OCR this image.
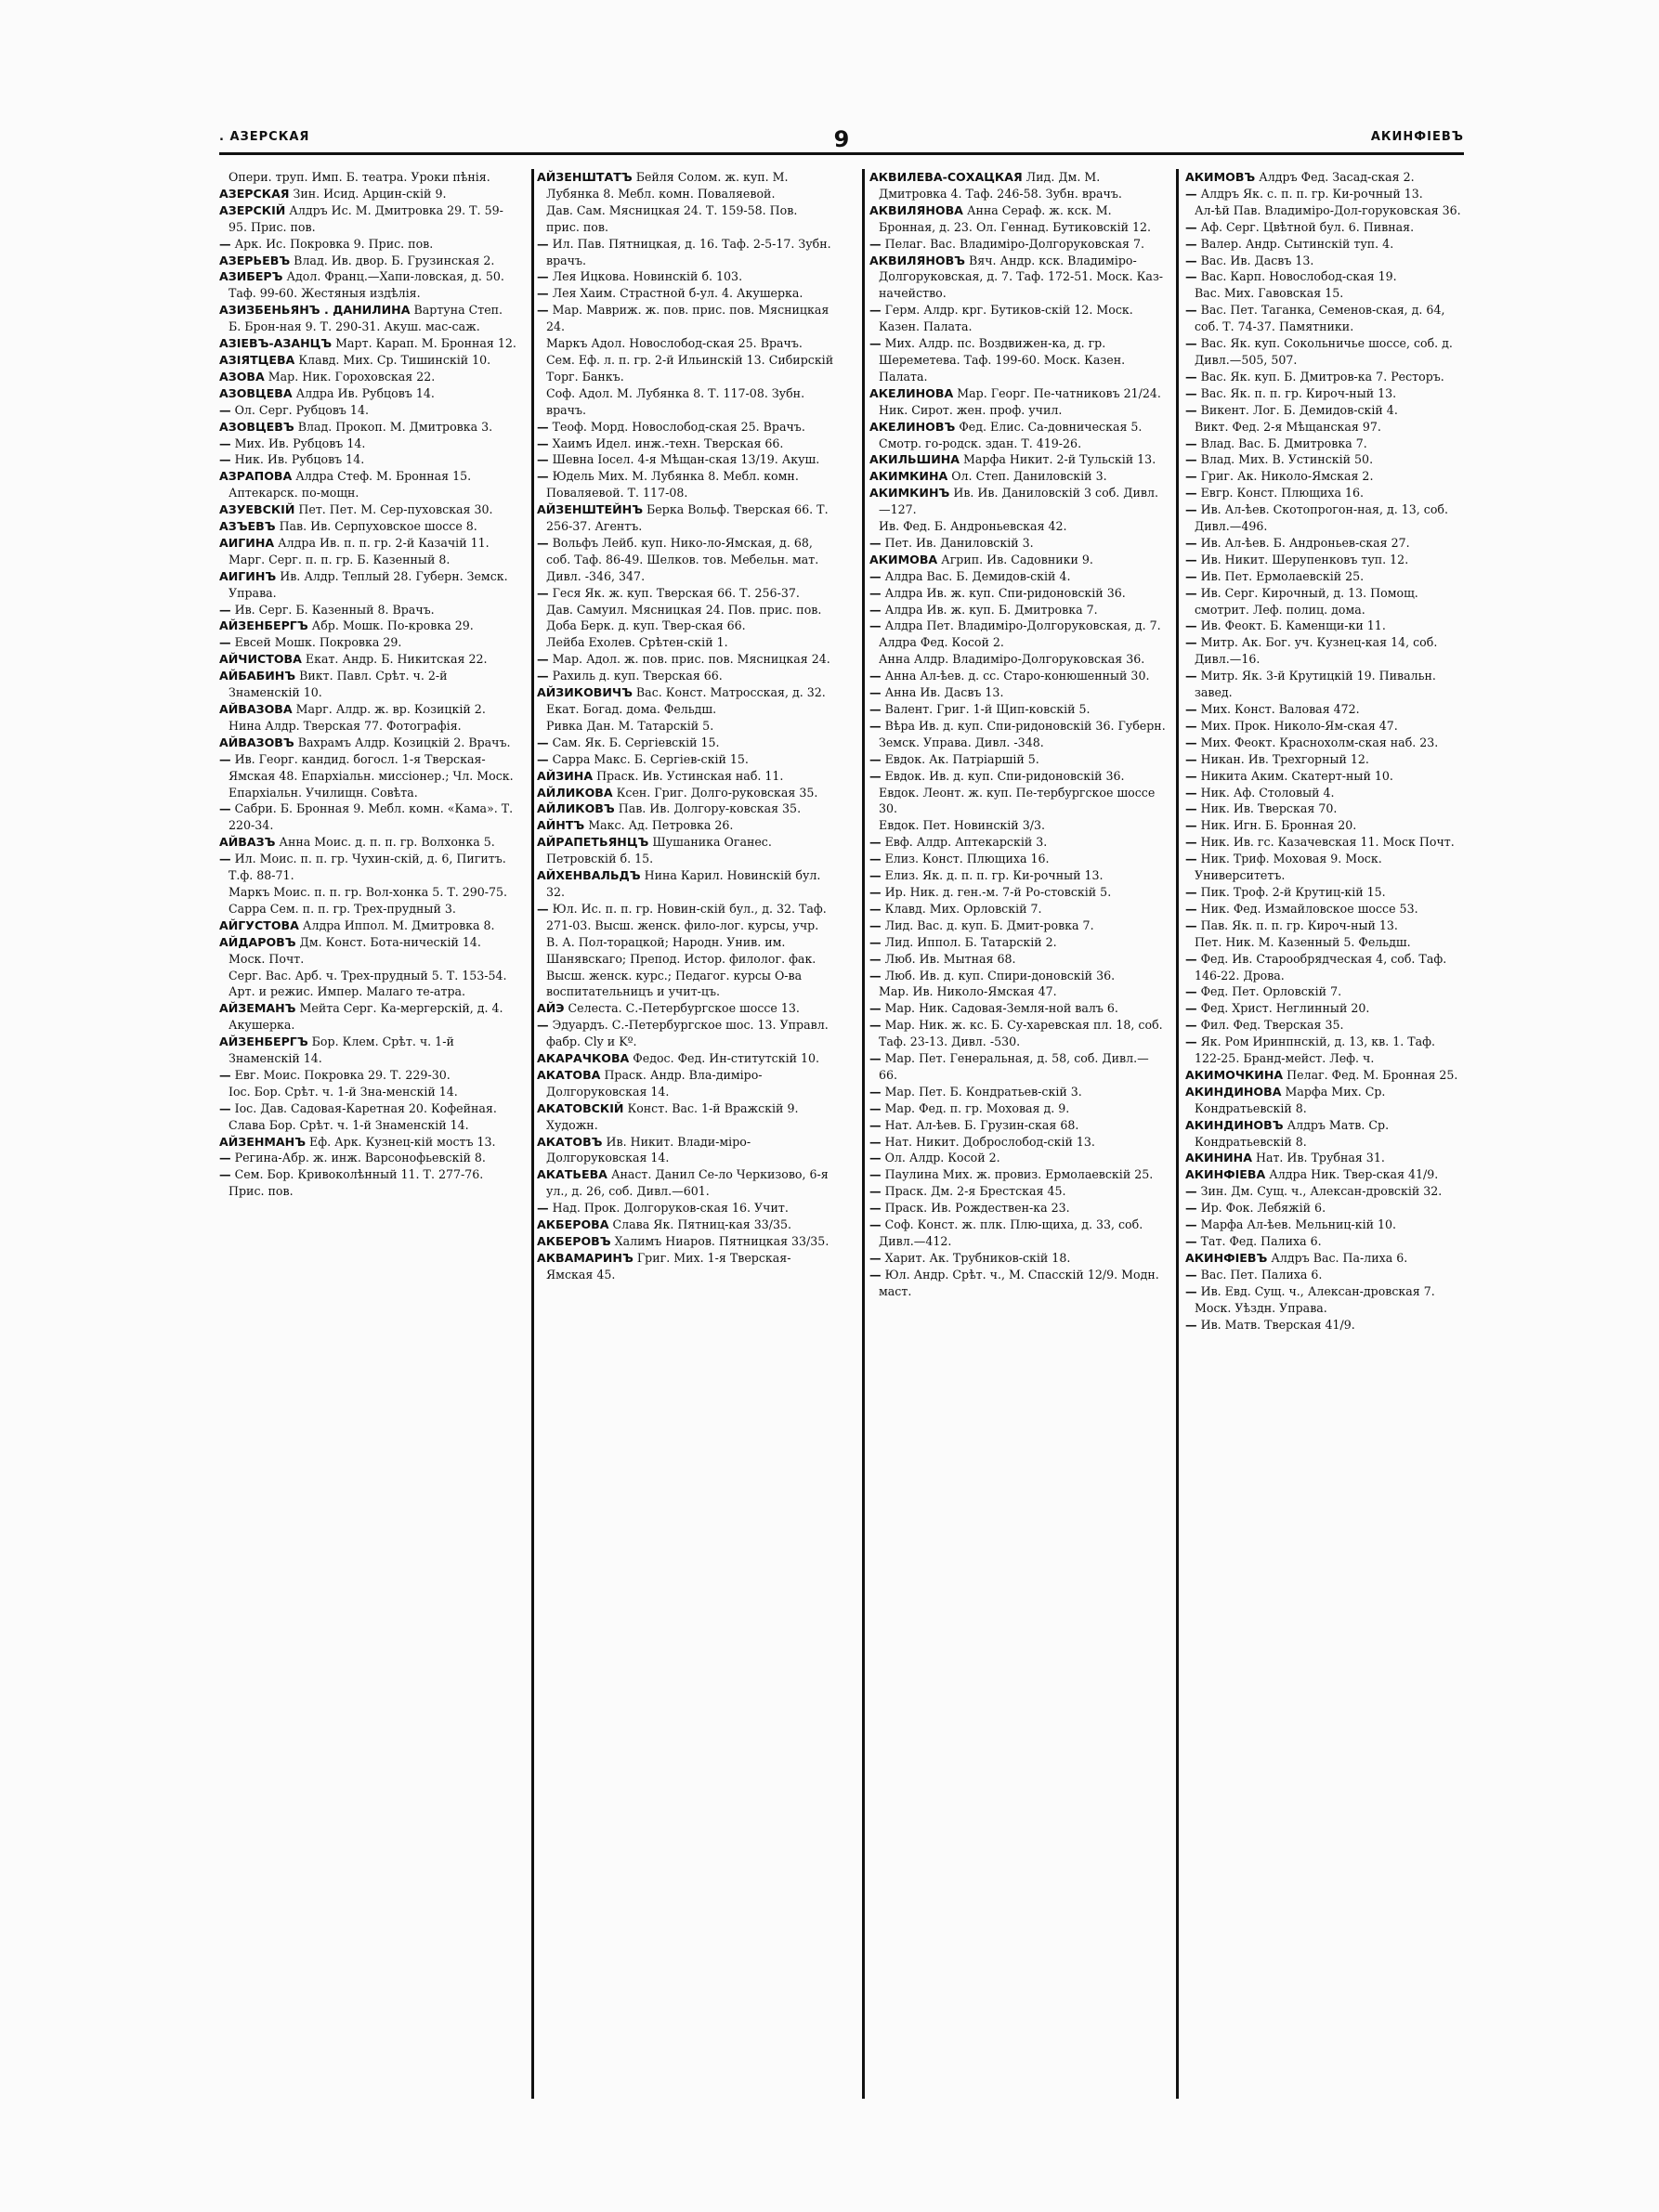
. АЗЕРСКАЯ	9	АКИНФIЕВЪ

Опери. труп. Имп. Б. театра. Уроки пѣнія.

АЗЕРСКАЯ Зин. Исид. Арцин-скiй 9.

АЗЕРСКIЙ Алдръ Ис. М. Дмитровка 29. Т. 59-95. Прис. пов.

— Арк. Ис. Покровка 9. Прис. пов.

АЗЕРЬЕВЪ Влад. Ив. двор. Б. Грузинская 2.

АЗИБЕРЪ Адол. Франц.—Хапи-ловская, д. 50. Таф. 99-60. Жестяныя издѣлія.

АЗИЗБЕНЬЯНЪ . ДАНИЛИНА Вартуна Степ. Б. Брон-ная 9. Т. 290-31. Акуш. мас-саж.

АЗIЕВЪ-АЗАНЦЪ Март. Карап. М. Бронная 12.

АЗIЯТЦЕВА Клавд. Мих. Ср. Тишинскiй 10.

АЗОВА Мар. Ник. Гороховская 22.

АЗОВЦЕВА Алдра Ив. Рубцовъ 14.

— Ол. Серг. Рубцовъ 14.

АЗОВЦЕВЪ Влад. Прокоп. М. Дмитровка 3.

— Мих. Ив. Рубцовъ 14.

— Ник. Ив. Рубцовъ 14.

АЗРАПОВА Алдра Стеф. М. Бронная 15. Аптекарск. по-мощн.

АЗУЕВСКIЙ Пет. Пет. М. Сер-пуховская 30.

АЗЪЕВЪ Пав. Ив. Серпуховское шоссе 8.

АИГИНА Алдра Ив. п. п. гр. 2-й Казачiй 11.

Марг. Серг. п. п. гр. Б. Казенный 8.

АИГИНЪ Ив. Алдр. Теплый 28. Губерн. Земск. Управа.

— Ив. Серг. Б. Казенный 8. Врачъ.

АЙЗЕНБЕРГЪ Абр. Мошк. По-кровка 29.

— Евсей Мошк. Покровка 29.

АЙЧИСТОВА Екат. Андр. Б. Никитская 22.

АЙБАБИНЪ Викт. Павл. Срѣт. ч. 2-й Знаменскiй 10.

АЙВАЗОВА Марг. Алдр. ж. вр. Козицкiй 2.

Нина Алдр. Тверская 77. Фотографія.

АЙВАЗОВЪ Вахрамъ Алдр. Козицкiй 2. Врачъ.

— Ив. Георг. кандид. богосл. 1-я Тверская-Ямская 48. Епархiальн. миссiонер.; Чл. Моск. Епархiальн. Училищн. Совѣта.

— Сабри. Б. Бронная 9. Мебл. комн. «Кама». Т. 220-34.

АЙВАЗЪ Анна Моис. д. п. п. гр. Волхонка 5.

— Ил. Моис. п. п. гр. Чухин-скiй, д. 6, Пигитъ. Т.ф. 88-71.

Маркъ Моис. п. п. гр. Вол-хонка 5. Т. 290-75.

Сарра Сем. п. п. гр. Трех-прудный 3.

АЙГУСТОВА Алдра Иппол. М. Дмитровка 8.

АЙДАРОВЪ Дм. Конст. Бота-ническiй 14. Моск. Почт.

Серг. Вас. Арб. ч. Трех-прудный 5. Т. 153-54. Арт. и режис. Импер. Малаго те-атра.

АЙЗЕМАНЪ Мейта Серг. Ка-мергерскiй, д. 4. Акушерка.

АЙЗЕНБЕРГЪ Бор. Клем. Срѣт. ч. 1-й Знаменскiй 14.

— Евг. Моис. Покровка 29. Т. 229-30.

Iос. Бор. Срѣт. ч. 1-й Зна-менскiй 14.

— Iос. Дав. Садовая-Каретная 20. Кофейная.

Слава Бор. Срѣт. ч. 1-й Знаменскiй 14.

АЙЗЕНМАНЪ Еф. Арк. Кузнец-кiй мостъ 13.

— Регина-Абр. ж. инж. Варсонофьевскiй 8.

— Сем. Бор. Кривоколѣнный 11. Т. 277-76. Прис. пов.

АЙЗЕНШТАТЪ Бейля Солом. ж. куп. М. Лубянка 8. Мебл. комн. Поваляевой.

Дав. Сам. Мясницкая 24. Т. 159-58. Пов. прис. пов.

— Ил. Пав. Пятницкая, д. 16. Таф. 2-5-17. Зубн. врачъ.

— Лея Ицкова. Новинскiй б. 103.

— Лея Хаим. Страстной б-ул. 4. Акушерка.

— Мар. Мавриж. ж. пов. прис. пов. Мясницкая 24.

Маркъ Адол. Новослобод-ская 25. Врачъ.

Сем. Еф. л. п. гр. 2-й Ильинскiй 13. Сибирскiй Торг. Банкъ.

Соф. Адол. М. Лубянка 8. Т. 117-08. Зубн. врачъ.

— Теоф. Морд. Новослобод-ская 25. Врачъ.

— Хаимъ Идел. инж.-техн. Тверская 66.

— Шевна Iосел. 4-я Мѣщан-ская 13/19. Акуш.

— Юдель Мих. М. Лубянка 8. Мебл. комн. Поваляевой. Т. 117-08.

АЙЗЕНШТЕЙНЪ Берка Вольф. Тверская 66. Т. 256-37. Агентъ.

— Вольфъ Лейб. куп. Нико-ло-Ямская, д. 68, соб. Таф. 86-49. Шелков. тов. Мебельн. мат. Дивл. -346, 347.

— Геся Як. ж. куп. Тверская 66. Т. 256-37.

Дав. Самуил. Мясницкая 24. Пов. прис. пов.

Доба Берк. д. куп. Твер-ская 66.

Лейба Ехолев. Срѣтен-скiй 1.

— Мар. Адол. ж. пов. прис. пов. Мясницкая 24.

— Рахиль д. куп. Тверская 66.

АЙЗИКОВИЧЪ Вас. Конст. Матросская, д. 32. Екат. Богад. дома. Фельдш.

Ривка Дан. М. Татарскiй 5.

— Сам. Як. Б. Сергiевскiй 15.

— Сарра Макс. Б. Сергiев-скiй 15.

АЙЗИНА Праск. Ив. Устинская наб. 11.

АЙЛИКОВА Ксен. Григ. Долго-руковская 35.

АЙЛИКОВЪ Пав. Ив. Долгору-ковская 35.

АЙНТЪ Макс. Ад. Петровка 26.

АЙРАПЕТЬЯНЦЪ Шушаника Оганес. Петровскiй б. 15.

АЙХЕНВАЛЬДЪ Нина Карил. Новинскiй бул. 32.

— Юл. Ис. п. п. гр. Новин-скiй бул., д. 32. Таф. 271-03. Высш. женск. фило-лог. курсы, учр. В. А. Пол-торацкой; Народн. Унив. им. Шанявскаго; Препод. Истор. филолог. фак. Высш. женск. курс.; Педагог. курсы О-ва воспитательницъ и учит-цъ.

АЙЭ Селеста. С.-Петербургское шоссе 13.

— Эдуардъ. С.-Петербургское шос. 13. Управл. фабр. Cly и Kº.

АКАРАЧКОВА Федос. Фед. Ин-ститутскiй 10.

АКАТОВА Праск. Андр. Вла-димiро-Долгоруковская 14.

АКАТОВСКIЙ Конст. Вас. 1-й Вражскiй 9. Художн.

АКАТОВЪ Ив. Никит. Влади-мiро-Долгоруковская 14.

АКАТЬЕВА Анаст. Данил Се-ло Черкизово, 6-я ул., д. 26, соб. Дивл.—601.

— Над. Прок. Долгоруков-ская 16. Учит.

АКБЕРОВА Слава Як. Пятниц-кая 33/35.

АКБЕРОВЪ Халимъ Ниаров. Пятницкая 33/35.

АКВАМАРИНЪ Григ. Мих. 1-я Тверская-Ямская 45.

АКВИЛЕВА-СОХАЦКАЯ Лид. Дм. М. Дмитровка 4. Таф. 246-58. Зубн. врачъ.

АКВИЛЯНОВА Анна Сераф. ж. кск. М. Бронная, д. 23. Ол. Геннад. Бутиковскiй 12.

— Пелаг. Вас. Владимiро-Долгоруковская 7.

АКВИЛЯНОВЪ Вяч. Андр. кск. Владимiро-Долгоруковская, д. 7. Таф. 172-51. Моск. Каз-начейство.

— Герм. Алдр. крг. Бутиков-скiй 12. Моск. Казен. Палата.

— Мих. Алдр. пс. Воздвижен-ка, д. гр. Шереметева. Таф. 199-60. Моск. Казен. Палата.

АКЕЛИНОВА Мар. Георг. Пе-чатниковъ 21/24. Ник. Сирот. жен. проф. учил.

АКЕЛИНОВЪ Фед. Елис. Са-довническая 5. Смотр. го-родск. здан. Т. 419-26.

АКИЛЬШИНА Марфа Никит. 2-й Тульскiй 13.

АКИМКИНА Ол. Степ. Даниловскiй 3.

АКИМКИНЪ Ив. Ив. Даниловскiй 3 соб. Дивл.—127.

Ив. Фед. Б. Андроньевская 42.

— Пет. Ив. Даниловскiй 3.

АКИМОВА Агрип. Ив. Садовники 9.

— Алдра Вас. Б. Демидов-скiй 4.

— Алдра Ив. ж. куп. Спи-ридоновскiй 36.

— Алдра Ив. ж. куп. Б. Дмитровка 7.

— Алдра Пет. Владимiро-Долгоруковская, д. 7.

Алдра Фед. Косой 2.

Анна Алдр. Владимiро-Долгоруковская 36.

— Анна Ал-ѣев. д. сс. Старо-конюшенный 30.

— Анна Ив. Дасвъ 13.

— Валент. Григ. 1-й Щип-ковскiй 5.

— Вѣра Ив. д. куп. Спи-ридоновскiй 36. Губерн. Земск. Управа. Дивл. -348.

— Евдок. Ак. Патрiаршiй 5.

— Евдок. Ив. д. куп. Спи-ридоновскiй 36.

Евдок. Леонт. ж. куп. Пе-тербургское шоссе 30.

Евдок. Пет. Новинскiй 3/3.

— Евф. Алдр. Аптекарскiй 3.

— Елиз. Конст. Плющиха 16.

— Елиз. Як. д. п. п. гр. Ки-рочный 13.

— Ир. Ник. д. ген.-м. 7-й Ро-стовскiй 5.

— Клавд. Мих. Орловскiй 7.

— Лид. Вас. д. куп. Б. Дмит-ровка 7.

— Лид. Иппол. Б. Татарскiй 2.

— Люб. Ив. Мытная 68.

— Люб. Ив. д. куп. Спири-доновскiй 36.

Мар. Ив. Николо-Ямская 47.

— Мар. Ник. Садовая-Земля-ной валъ 6.

— Мар. Ник. ж. кс. Б. Су-харевская пл. 18, соб. Таф. 23-13. Дивл. -530.

— Мар. Пет. Генеральная, д. 58, соб. Дивл.—66.

— Мар. Пет. Б. Кондратьев-скiй 3.

— Мар. Фед. п. гр. Моховая д. 9.

— Нат. Ал-ѣев. Б. Грузин-ская 68.

— Нат. Никит. Доброслобод-скiй 13.

— Ол. Алдр. Косой 2.

— Паулина Мих. ж. провиз. Ермолаевскiй 25.

— Праск. Дм. 2-я Брестская 45.

— Праск. Ив. Рождествен-ка 23.

— Соф. Конст. ж. плк. Плю-щиха, д. 33, соб. Дивл.—412.

— Харит. Ак. Трубников-скiй 18.

— Юл. Андр. Срѣт. ч., М. Спасскiй 12/9. Модн. маст.

АКИМОВЪ Алдръ Фед. Засад-ская 2.

— Алдръ Як. с. п. п. гр. Ки-рочный 13.

Ал-ѣй Пав. Владимiро-Дол-горуковская 36.

— Аф. Серг. Цвѣтной бул. 6. Пивная.

— Валер. Андр. Сытинскiй туп. 4.

— Вас. Ив. Дасвъ 13.

— Вас. Карп. Новослобод-ская 19.

Вас. Мих. Гавовская 15.

— Вас. Пет. Таганка, Семенов-ская, д. 64, соб. Т. 74-37. Памятники.

— Вас. Як. куп. Сокольничье шоссе, соб. д. Дивл.—505, 507.

— Вас. Як. куп. Б. Дмитров-ка 7. Ресторъ.

— Вас. Як. п. п. гр. Кироч-ный 13.

— Викент. Лог. Б. Демидов-скiй 4.

Викт. Фед. 2-я Мѣщанская 97.

— Влад. Вас. Б. Дмитровка 7.

— Влад. Мих. В. Устинскiй 50.

— Григ. Ак. Николо-Ямская 2.

— Евгр. Конст. Плющиха 16.

— Ив. Ал-ѣев. Скотопрогон-ная, д. 13, соб. Дивл.—496.

— Ив. Ал-ѣев. Б. Андроньев-ская 27.

— Ив. Никит. Шерупенковъ туп. 12.

— Ив. Пет. Ермолаевскiй 25.

— Ив. Серг. Кирочный, д. 13. Помощ. смотрит. Леф. полиц. дома.

— Ив. Феокт. Б. Каменщи-ки 11.

— Митр. Ак. Бог. уч. Кузнец-кая 14, соб. Дивл.—16.

— Митр. Як. 3-й Крутицкiй 19. Пивальн. завед.

— Мих. Конст. Валовая 472.

— Мих. Прок. Николо-Ям-ская 47.

— Мих. Феокт. Краснохолм-ская наб. 23.

— Никан. Ив. Трехгорный 12.

— Никита Аким. Скатерт-ный 10.

— Ник. Аф. Столовый 4.

— Ник. Ив. Тверская 70.

— Ник. Игн. Б. Бронная 20.

— Ник. Ив. гс. Казачевская 11. Моск Почт.

— Ник. Триф. Моховая 9. Моск. Университетъ.

— Пик. Троф. 2-й Крутиц-кiй 15.

— Ник. Фед. Измайловское шоссе 53.

— Пав. Як. п. п. гр. Кироч-ный 13.

Пет. Ник. М. Казенный 5. Фельдш.

— Фед. Ив. Старообрядческая 4, соб. Таф. 146-22. Дрова.

— Фед. Пет. Орловскiй 7.

— Фед. Христ. Неглинный 20.

— Фил. Фед. Тверская 35.

— Як. Ром Иринпнскiй, д. 13, кв. 1. Таф. 122-25. Бранд-мейст. Леф. ч.

АКИМОЧКИНА Пелаг. Фед. М. Бронная 25.

АКИНДИНОВА Марфа Мих. Ср. Кондратьевскiй 8.

АКИНДИНОВЪ Алдръ Матв. Ср. Кондратьевскiй 8.

АКИНИНА Нат. Ив. Трубная 31.

АКИНФIЕВА Алдра Ник. Твер-ская 41/9.

— Зин. Дм. Сущ. ч., Алексан-дровскiй 32.

— Ир. Фок. Лебяжiй 6.

— Марфа Ал-ѣев. Мельниц-кiй 10.

— Тат. Фед. Палиха 6.

АКИНФIЕВЪ Алдръ Вас. Па-лиха 6.

— Вас. Пет. Палиха 6.

— Ив. Евд. Сущ. ч., Алексан-дровская 7. Моск. Уѣздн. Управа.

— Ив. Матв. Тверская 41/9.
